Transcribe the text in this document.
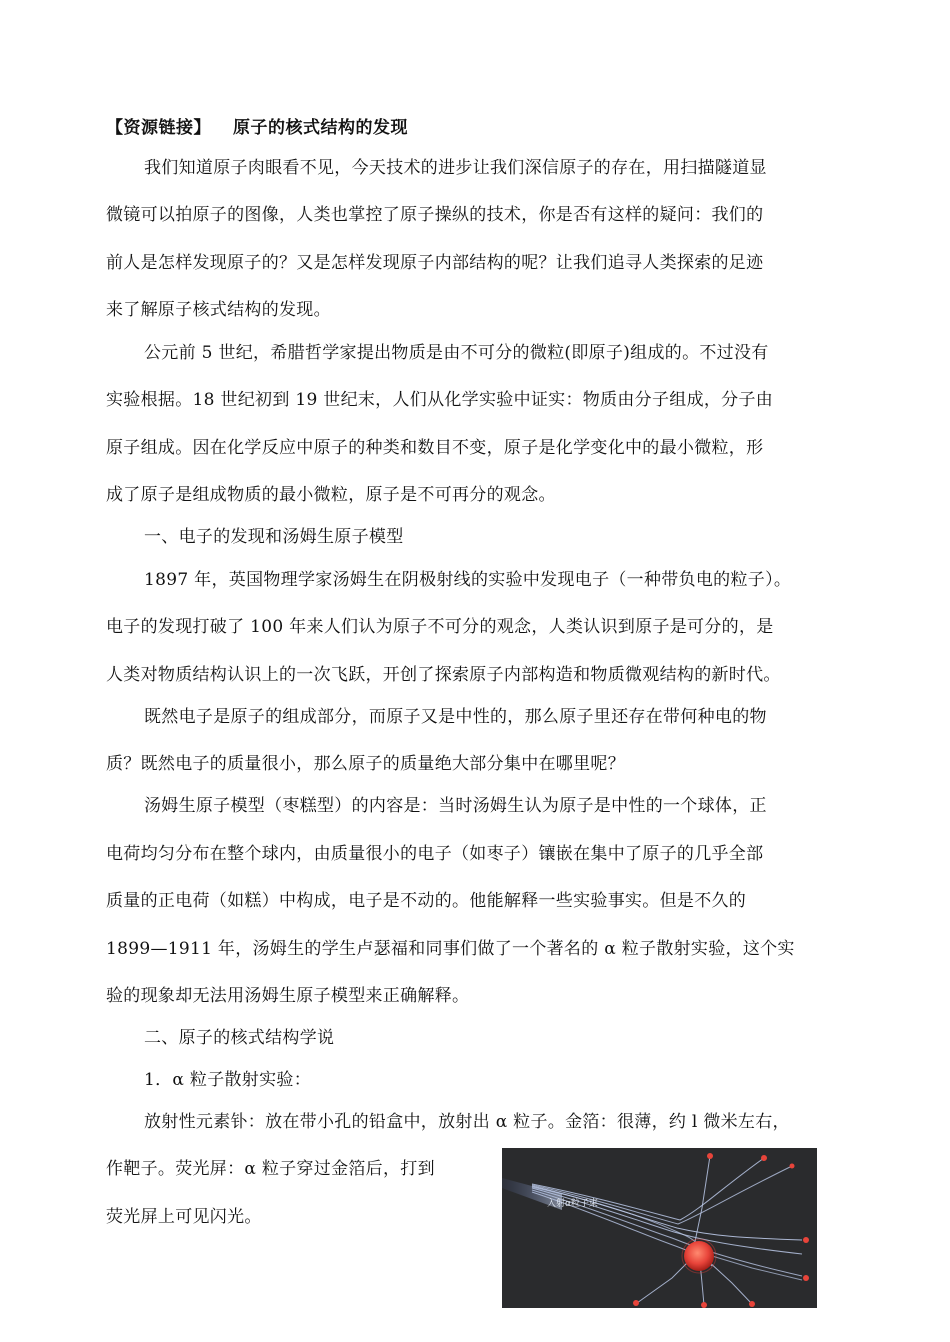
【资源链接】 原子的核式结构的发现
我们知道原子肉眼看不见，今天技术的进步让我们深信原子的存在，用扫描隧道显
微镜可以拍原子的图像，人类也掌控了原子操纵的技术，你是否有这样的疑问：我们的
前人是怎样发现原子的？又是怎样发现原子内部结构的呢？让我们追寻人类探索的足迹
来了解原子核式结构的发现。
公元前 5 世纪，希腊哲学家提出物质是由不可分的微粒(即原子)组成的。不过没有
实验根据。18 世纪初到 19 世纪末，人们从化学实验中证实：物质由分子组成，分子由
原子组成。因在化学反应中原子的种类和数目不变，原子是化学变化中的最小微粒，形
成了原子是组成物质的最小微粒，原子是不可再分的观念。
一、电子的发现和汤姆生原子模型
1897 年，英国物理学家汤姆生在阴极射线的实验中发现电子（一种带负电的粒子）。
电子的发现打破了 100 年来人们认为原子不可分的观念，人类认识到原子是可分的，是
人类对物质结构认识上的一次飞跃，开创了探索原子内部构造和物质微观结构的新时代。
既然电子是原子的组成部分，而原子又是中性的，那么原子里还存在带何种电的物
质？既然电子的质量很小，那么原子的质量绝大部分集中在哪里呢？
汤姆生原子模型（枣糕型）的内容是：当时汤姆生认为原子是中性的一个球体，正
电荷均匀分布在整个球内，由质量很小的电子（如枣子）镶嵌在集中了原子的几乎全部
质量的正电荷（如糕）中构成，电子是不动的。他能解释一些实验事实。但是不久的
1899—1911 年，汤姆生的学生卢瑟福和同事们做了一个著名的 α 粒子散射实验，这个实
验的现象却无法用汤姆生原子模型来正确解释。
二、原子的核式结构学说
1．α 粒子散射实验：
放射性元素钋：放在带小孔的铅盒中，放射出 α 粒子。金箔：很薄，约 l 微米左右，
作靶子。荧光屏：α 粒子穿过金箔后，打到
荧光屏上可见闪光。
入射α粒子束
